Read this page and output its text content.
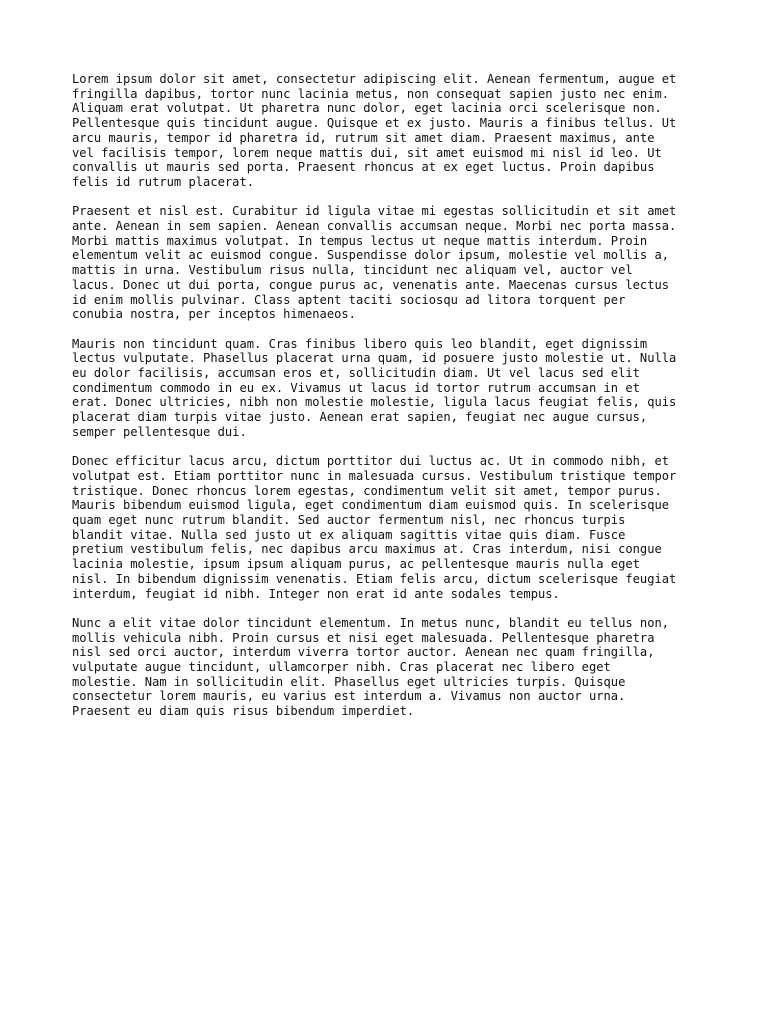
Lorem ipsum dolor sit amet, consectetur adipiscing elit. Aenean fermentum, augue et
fringilla dapibus, tortor nunc lacinia metus, non consequat sapien justo nec enim.
Aliquam erat volutpat. Ut pharetra nunc dolor, eget lacinia orci scelerisque non.
Pellentesque quis tincidunt augue. Quisque et ex justo. Mauris a finibus tellus. Ut
arcu mauris, tempor id pharetra id, rutrum sit amet diam. Praesent maximus, ante
vel facilisis tempor, lorem neque mattis dui, sit amet euismod mi nisl id leo. Ut
convallis ut mauris sed porta. Praesent rhoncus at ex eget luctus. Proin dapibus
felis id rutrum placerat.

Praesent et nisl est. Curabitur id ligula vitae mi egestas sollicitudin et sit amet
ante. Aenean in sem sapien. Aenean convallis accumsan neque. Morbi nec porta massa.
Morbi mattis maximus volutpat. In tempus lectus ut neque mattis interdum. Proin
elementum velit ac euismod congue. Suspendisse dolor ipsum, molestie vel mollis a,
mattis in urna. Vestibulum risus nulla, tincidunt nec aliquam vel, auctor vel
lacus. Donec ut dui porta, congue purus ac, venenatis ante. Maecenas cursus lectus
id enim mollis pulvinar. Class aptent taciti sociosqu ad litora torquent per
conubia nostra, per inceptos himenaeos.

Mauris non tincidunt quam. Cras finibus libero quis leo blandit, eget dignissim
lectus vulputate. Phasellus placerat urna quam, id posuere justo molestie ut. Nulla
eu dolor facilisis, accumsan eros et, sollicitudin diam. Ut vel lacus sed elit
condimentum commodo in eu ex. Vivamus ut lacus id tortor rutrum accumsan in et
erat. Donec ultricies, nibh non molestie molestie, ligula lacus feugiat felis, quis
placerat diam turpis vitae justo. Aenean erat sapien, feugiat nec augue cursus,
semper pellentesque dui.

Donec efficitur lacus arcu, dictum porttitor dui luctus ac. Ut in commodo nibh, et
volutpat est. Etiam porttitor nunc in malesuada cursus. Vestibulum tristique tempor
tristique. Donec rhoncus lorem egestas, condimentum velit sit amet, tempor purus.
Mauris bibendum euismod ligula, eget condimentum diam euismod quis. In scelerisque
quam eget nunc rutrum blandit. Sed auctor fermentum nisl, nec rhoncus turpis
blandit vitae. Nulla sed justo ut ex aliquam sagittis vitae quis diam. Fusce
pretium vestibulum felis, nec dapibus arcu maximus at. Cras interdum, nisi congue
lacinia molestie, ipsum ipsum aliquam purus, ac pellentesque mauris nulla eget
nisl. In bibendum dignissim venenatis. Etiam felis arcu, dictum scelerisque feugiat
interdum, feugiat id nibh. Integer non erat id ante sodales tempus.

Nunc a elit vitae dolor tincidunt elementum. In metus nunc, blandit eu tellus non,
mollis vehicula nibh. Proin cursus et nisi eget malesuada. Pellentesque pharetra
nisl sed orci auctor, interdum viverra tortor auctor. Aenean nec quam fringilla,
vulputate augue tincidunt, ullamcorper nibh. Cras placerat nec libero eget
molestie. Nam in sollicitudin elit. Phasellus eget ultricies turpis. Quisque
consectetur lorem mauris, eu varius est interdum a. Vivamus non auctor urna.
Praesent eu diam quis risus bibendum imperdiet.
